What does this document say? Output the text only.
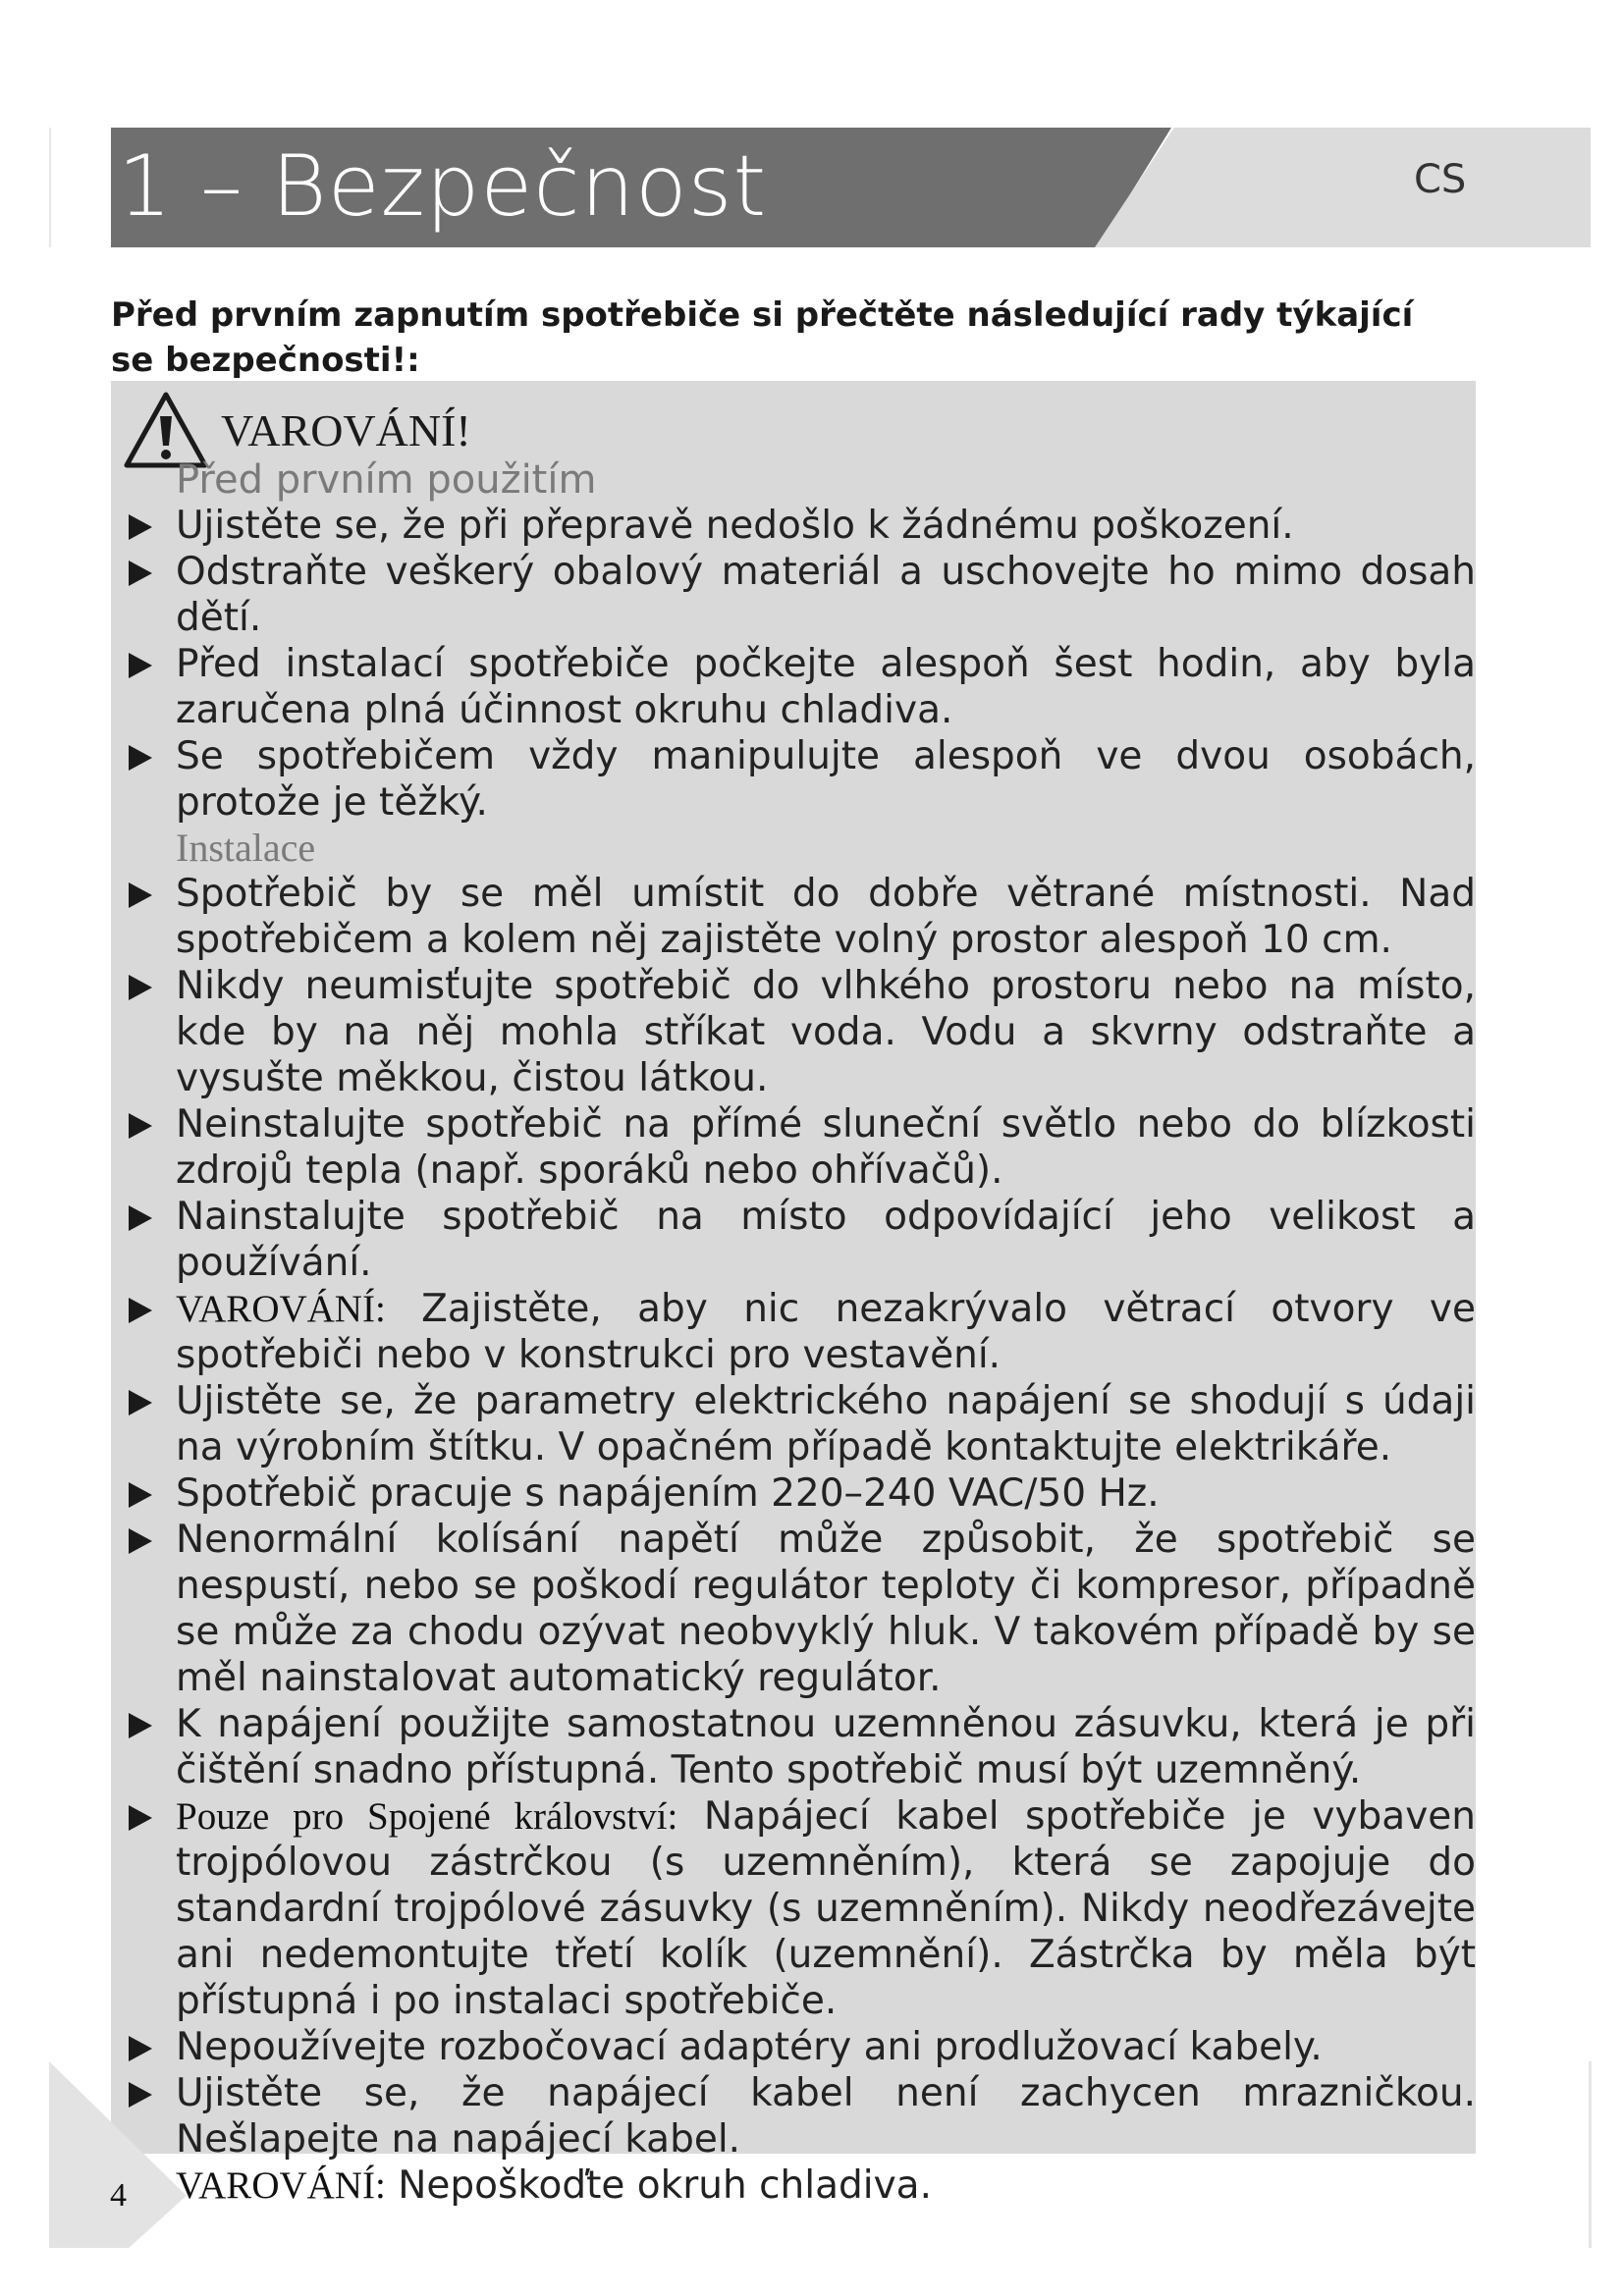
1 – Bezpečnost	CS
Před prvním zapnutím spotřebiče si přečtěte následující rady týkající se bezpečnosti!:
VAROVÁNÍ!

Před prvním použitím

Ujistěte se, že při přepravě nedošlo k žádnému poškození.

Odstraňte veškerý obalový materiál a uschovejte ho mimo dosah dětí.

Před instalací spotřebiče počkejte alespoň šest hodin, aby byla zaručena plná účinnost okruhu chladiva.

Se spotřebičem vždy manipulujte alespoň ve dvou osobách, protože je těžký.

Instalace

Spotřebič by se měl umístit do dobře větrané místnosti. Nad spotřebičem a kolem něj zajistěte volný prostor alespoň 10 cm.

Nikdy neumisťujte spotřebič do vlhkého prostoru nebo na místo, kde by na něj mohla stříkat voda. Vodu a skvrny odstraňte a vysušte měkkou, čistou látkou.

Neinstalujte spotřebič na přímé sluneční světlo nebo do blízkosti zdrojů tepla (např. sporáků nebo ohřívačů).

Nainstalujte spotřebič na místo odpovídající jeho velikost a používání.

VAROVÁNÍ: Zajistěte, aby nic nezakrývalo větrací otvory ve spotřebiči nebo v konstrukci pro vestavění.

Ujistěte se, že parametry elektrického napájení se shodují s údaji na výrobním štítku. V opačném případě kontaktujte elektrikáře.

Spotřebič pracuje s napájením 220–240 VAC/50 Hz.

Nenormální kolísání napětí může způsobit, že spotřebič se nespustí, nebo se poškodí regulátor teploty či kompresor, případně se může za chodu ozývat neobvyklý hluk. V takovém případě by se měl nainstalovat automatický regulátor.

K napájení použijte samostatnou uzemněnou zásuvku, která je při čištění snadno přístupná. Tento spotřebič musí být uzemněný.

Pouze pro Spojené království: Napájecí kabel spotřebiče je vybaven trojpólovou zástrčkou (s uzemněním), která se zapojuje do standardní trojpólové zásuvky (s uzemněním). Nikdy neodřezávejte ani nedemontujte třetí kolík (uzemnění). Zástrčka by měla být přístupná i po instalaci spotřebiče.

Nepoužívejte rozbočovací adaptéry ani prodlužovací kabely.

Ujistěte se, že napájecí kabel není zachycen mrazničkou. Nešlapejte na napájecí kabel.

VAROVÁNÍ: Nepoškoďte okruh chladiva.

4
